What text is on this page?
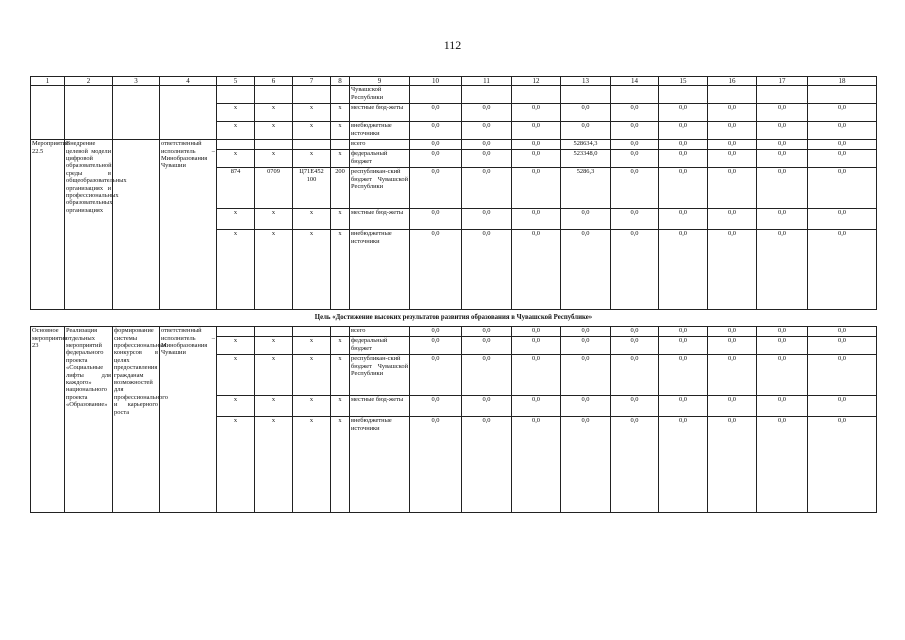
112
1	2	3	4	5	6	7	8	9	10	11	12	13	14	15	16	17	18
								Чувашской Республики									
				x	x	x	x	местные бюд-жеты	0,0	0,0	0,0	0,0	0,0	0,0	0,0	0,0	0,0
				x	x	x	x	внебюджетные источники	0,0	0,0	0,0	0,0	0,0	0,0	0,0	0,0	0,0
Мероприятие 22.5	Внедрение целевой модели цифровой образовательной среды в общеобразовательных организациях и профессиональных образовательных организациях		ответственный исполнитель – Минобразования Чувашии					всего	0,0	0,0	0,0	528634,3	0,0	0,0	0,0	0,0	0,0
				x	x	x	x	федеральный бюджет	0,0	0,0	0,0	523348,0	0,0	0,0	0,0	0,0	0,0
				874	0709	Ц71Е452 100	200	республикан-ский бюджет Чувашской Республики	0,0	0,0	0,0	5286,3	0,0	0,0	0,0	0,0	0,0
				x	x	x	x	местные бюд-жеты	0,0	0,0	0,0	0,0	0,0	0,0	0,0	0,0	0,0
				x	x	x	x	внебюджетные источники	0,0	0,0	0,0	0,0	0,0	0,0	0,0	0,0	0,0
Цель «Достижение высоких результатов развития образования в Чувашской Республике»																	
Основное мероприятие 23	Реализация отдельных мероприятий федерального проекта «Социальные лифты для каждого» национального проекта «Образование»	формирование системы профессиональных конкурсов в целях предоставления гражданам возможностей для профессионального и карьерного роста	ответственный исполнитель – Минобразования Чувашии					всего	0,0	0,0	0,0	0,0	0,0	0,0	0,0	0,0	0,0
				x	x	x	x	федеральный бюджет	0,0	0,0	0,0	0,0	0,0	0,0	0,0	0,0	0,0
				x	x	x	x	республикан-ский бюджет Чувашской Республики	0,0	0,0	0,0	0,0	0,0	0,0	0,0	0,0	0,0
				x	x	x	x	местные бюд-жеты	0,0	0,0	0,0	0,0	0,0	0,0	0,0	0,0	0,0
				x	x	x	x	внебюджетные источники	0,0	0,0	0,0	0,0	0,0	0,0	0,0	0,0	0,0
